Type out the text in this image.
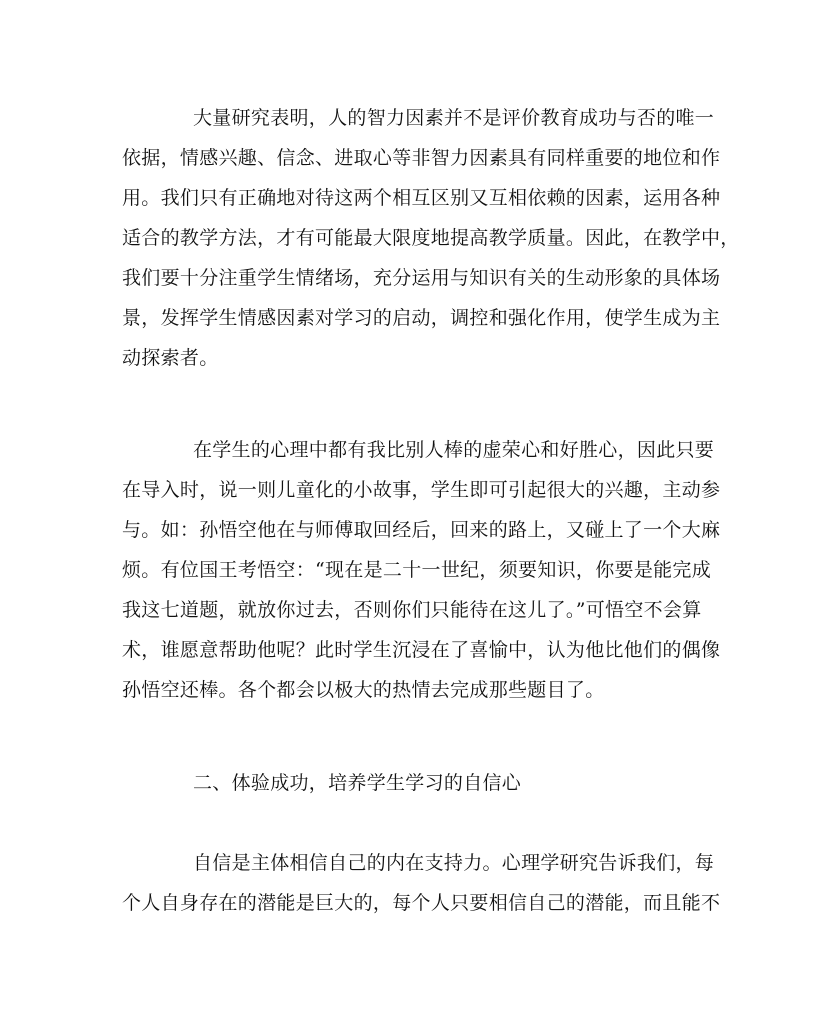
大量研究表明，人的智力因素并不是评价教育成功与否的唯一
依据，情感兴趣、信念、进取心等非智力因素具有同样重要的地位和作
用。我们只有正确地对待这两个相互区别又互相依赖的因素，运用各种
适合的教学方法，才有可能最大限度地提高教学质量。因此，在教学中，
我们要十分注重学生情绪场，充分运用与知识有关的生动形象的具体场
景，发挥学生情感因素对学习的启动，调控和强化作用，使学生成为主
动探索者。
在学生的心理中都有我比别人棒的虚荣心和好胜心，因此只要
在导入时，说一则儿童化的小故事，学生即可引起很大的兴趣，主动参
与。如：孙悟空他在与师傅取回经后，回来的路上，又碰上了一个大麻
烦。有位国王考悟空：“现在是二十一世纪，须要知识，你要是能完成
我这七道题，就放你过去，否则你们只能待在这儿了。”可悟空不会算
术，谁愿意帮助他呢？此时学生沉浸在了喜愉中，认为他比他们的偶像
孙悟空还棒。各个都会以极大的热情去完成那些题目了。
二、体验成功，培养学生学习的自信心
自信是主体相信自己的内在支持力。心理学研究告诉我们，每
个人自身存在的潜能是巨大的，每个人只要相信自己的潜能，而且能不
